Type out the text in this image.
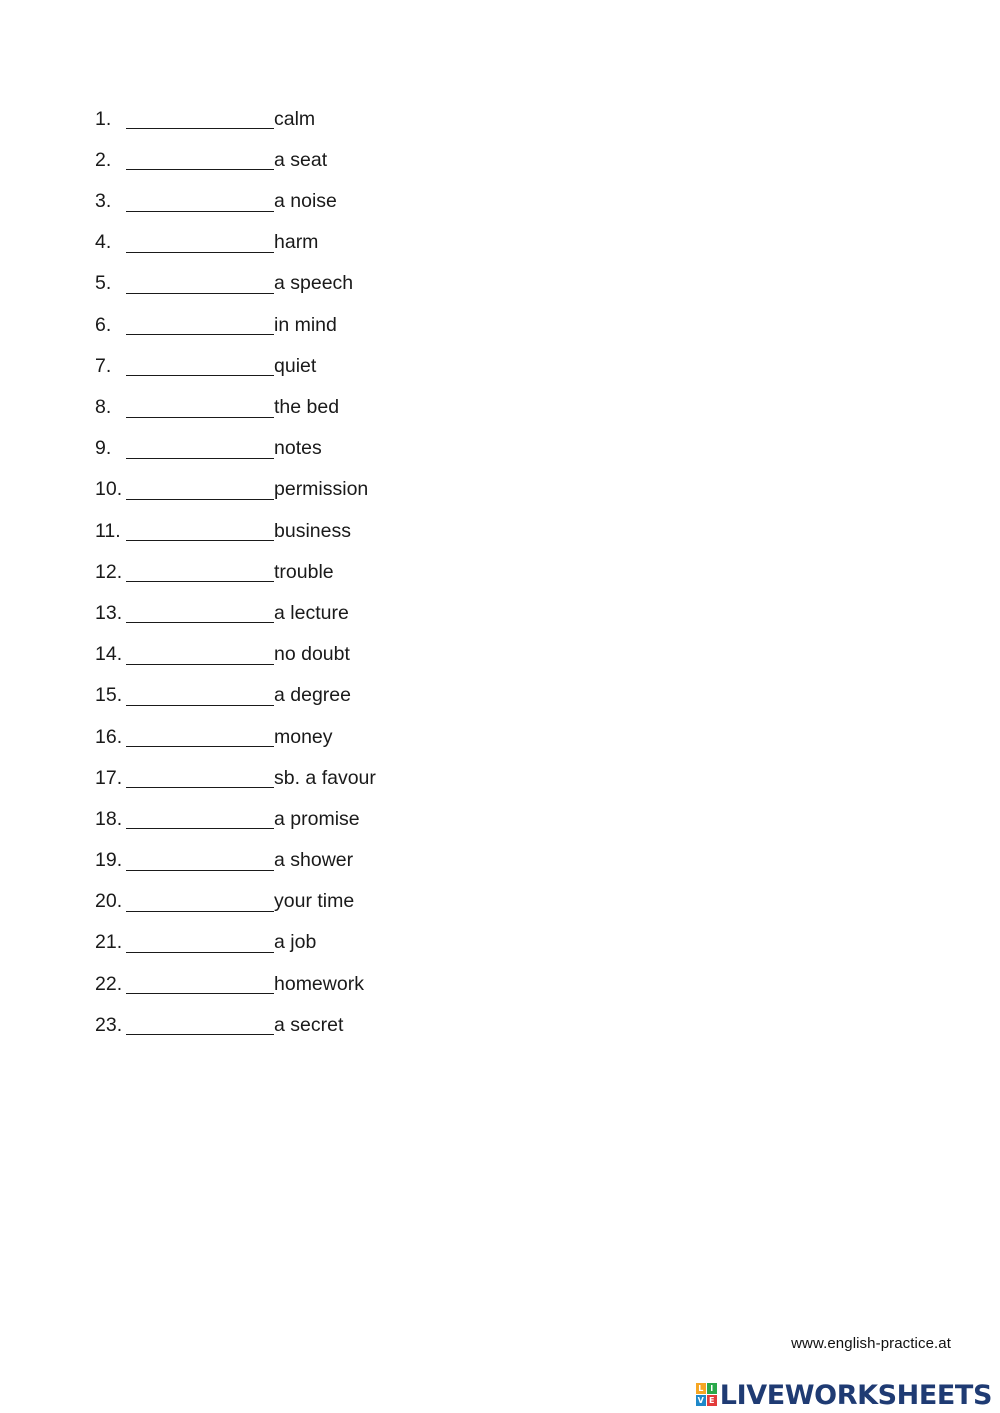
1.	calm
2.	a seat
3.	a noise
4.	harm
5.	a speech
6.	in mind
7.	quiet
8.	the bed
9.	notes
10.	permission
11.	business
12.	trouble
13.	a lecture
14.	no doubt
15.	a degree
16.	money
17.	sb. a favour
18.	a promise
19.	a shower
20.	your time
21.	a job
22.	homework
23.	a secret
www.english-practice.at
L I
V E LIVEWORKSHEETS
